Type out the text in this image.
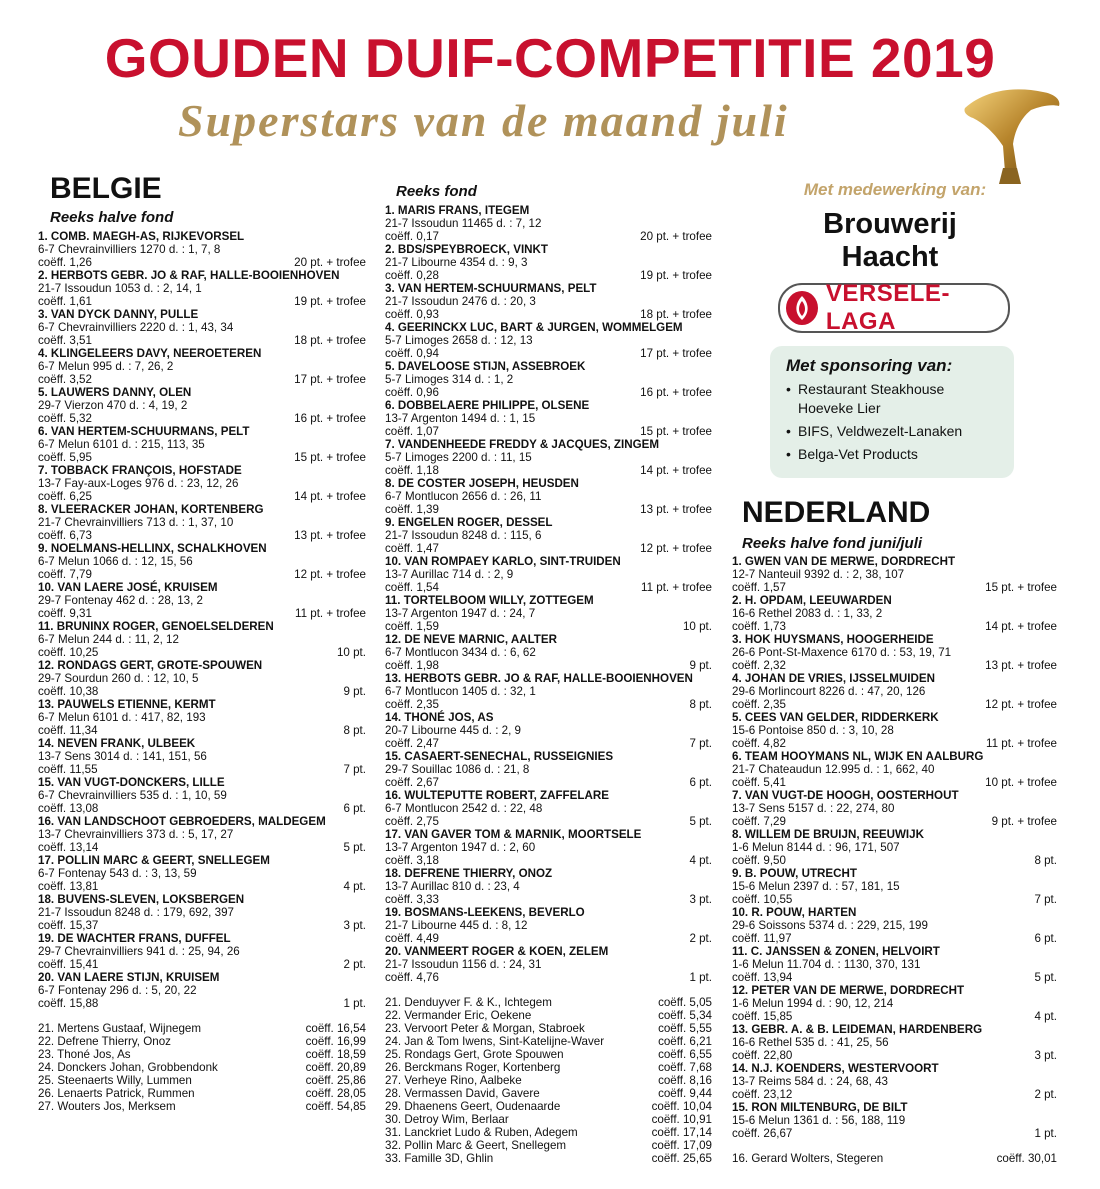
GOUDEN DUIF-COMPETITIE 2019
Superstars van de maand juli
BELGIE
Reeks halve fond
1. COMB. MAEGH-AS, RIJKEVORSEL
6-7 Chevrainvilliers 1270 d. : 1, 7, 8
coëff. 1,26	20 pt. + trofee
2. HERBOTS GEBR. JO & RAF, HALLE-BOOIENHOVEN
21-7 Issoudun 1053 d. : 2, 14, 1
coëff. 1,61	19 pt. + trofee
3. VAN DYCK DANNY, PULLE
6-7 Chevrainvilliers 2220 d. : 1, 43, 34
coëff. 3,51	18 pt. + trofee
4. KLINGELEERS DAVY, NEEROETEREN
6-7 Melun 995 d. : 7, 26, 2
coëff. 3,52	17 pt. + trofee
5. LAUWERS DANNY, OLEN
29-7 Vierzon 470 d. : 4, 19, 2
coëff. 5,32	16 pt. + trofee
6. VAN HERTEM-SCHUURMANS, PELT
6-7 Melun 6101 d. : 215, 113, 35
coëff. 5,95	15 pt. + trofee
7. TOBBACK FRANÇOIS, HOFSTADE
13-7 Fay-aux-Loges 976 d. : 23, 12, 26
coëff. 6,25	14 pt. + trofee
8. VLEERACKER JOHAN, KORTENBERG
21-7 Chevrainvilliers 713 d. : 1, 37, 10
coëff. 6,73	13 pt. + trofee
9. NOELMANS-HELLINX, SCHALKHOVEN
6-7 Melun 1066 d. : 12, 15, 56
coëff. 7,79	12 pt. + trofee
10. VAN LAERE JOSÉ, KRUISEM
29-7 Fontenay 462 d. : 28, 13, 2
coëff. 9,31	11 pt. + trofee
11. BRUNINX ROGER, GENOELSELDEREN
6-7 Melun 244 d. : 11, 2, 12
coëff. 10,25	10 pt.
12. RONDAGS GERT, GROTE-SPOUWEN
29-7 Sourdun 260 d. : 12, 10, 5
coëff. 10,38	9 pt.
13. PAUWELS ETIENNE, KERMT
6-7 Melun 6101 d. : 417, 82, 193
coëff. 11,34	8 pt.
14. NEVEN FRANK, ULBEEK
13-7 Sens 3014 d. : 141, 151, 56
coëff. 11,55	7 pt.
15. VAN VUGT-DONCKERS, LILLE
6-7 Chevrainvilliers 535 d. : 1, 10, 59
coëff. 13,08	6 pt.
16. VAN LANDSCHOOT GEBROEDERS, MALDEGEM
13-7 Chevrainvilliers 373 d. : 5, 17, 27
coëff. 13,14	5 pt.
17. POLLIN MARC & GEERT, SNELLEGEM
6-7 Fontenay 543 d. : 3, 13, 59
coëff. 13,81	4 pt.
18. BUVENS-SLEVEN, LOKSBERGEN
21-7 Issoudun 8248 d. : 179, 692, 397
coëff. 15,37	3 pt.
19. DE WACHTER FRANS, DUFFEL
29-7 Chevrainvilliers 941 d. : 25, 94, 26
coëff. 15,41	2 pt.
20. VAN LAERE STIJN, KRUISEM
6-7 Fontenay 296 d. : 5, 20, 22
coëff. 15,88	1 pt.
21. Mertens Gustaaf, Wijnegem	coëff. 16,54
22. Defrene Thierry, Onoz	coëff. 16,99
23. Thoné Jos, As	coëff. 18,59
24. Donckers Johan, Grobbendonk	coëff. 20,89
25. Steenaerts Willy, Lummen	coëff. 25,86
26. Lenaerts Patrick, Rummen	coëff. 28,05
27. Wouters Jos, Merksem	coëff. 54,85
Reeks fond
1. MARIS FRANS, ITEGEM
21-7 Issoudun 11465 d. : 7, 12
coëff. 0,17	20 pt. + trofee
2. BDS/SPEYBROECK, VINKT
21-7 Libourne 4354 d. : 9, 3
coëff. 0,28	19 pt. + trofee
3. VAN HERTEM-SCHUURMANS, PELT
21-7 Issoudun 2476 d. : 20, 3
coëff. 0,93	18 pt. + trofee
4. GEERINCKX LUC, BART & JURGEN, WOMMELGEM
5-7 Limoges 2658 d. : 12, 13
coëff. 0,94	17 pt. + trofee
5. DAVELOOSE STIJN, ASSEBROEK
5-7 Limoges 314 d. : 1, 2
coëff. 0,96	16 pt. + trofee
6. DOBBELAERE PHILIPPE, OLSENE
13-7 Argenton 1494 d. : 1, 15
coëff. 1,07	15 pt. + trofee
7. VANDENHEEDE FREDDY & JACQUES, ZINGEM
5-7 Limoges 2200 d. : 11, 15
coëff. 1,18	14 pt. + trofee
8. DE COSTER JOSEPH, HEUSDEN
6-7 Montlucon 2656 d. : 26, 11
coëff. 1,39	13 pt. + trofee
9. ENGELEN ROGER, DESSEL
21-7 Issoudun 8248 d. : 115, 6
coëff. 1,47	12 pt. + trofee
10. VAN ROMPAEY KARLO, SINT-TRUIDEN
13-7 Aurillac 714 d. : 2, 9
coëff. 1,54	11 pt. + trofee
11. TORTELBOOM WILLY, ZOTTEGEM
13-7 Argenton 1947 d. : 24, 7
coëff. 1,59	10 pt.
12. DE NEVE MARNIC, AALTER
6-7 Montlucon 3434 d. : 6, 62
coëff. 1,98	9 pt.
13. HERBOTS GEBR. JO & RAF, HALLE-BOOIENHOVEN
6-7 Montlucon 1405 d. : 32, 1
coëff. 2,35	8 pt.
14. THONÉ JOS, AS
20-7 Libourne 445 d. : 2, 9
coëff. 2,47	7 pt.
15. CASAERT-SENECHAL, RUSSEIGNIES
29-7 Souillac 1086 d. : 21, 8
coëff. 2,67	6 pt.
16. WULTEPUTTE ROBERT, ZAFFELARE
6-7 Montlucon 2542 d. : 22, 48
coëff. 2,75	5 pt.
17. VAN GAVER TOM & MARNIK, MOORTSELE
13-7 Argenton 1947 d. : 2, 60
coëff. 3,18	4 pt.
18. DEFRENE THIERRY, ONOZ
13-7 Aurillac 810 d. : 23, 4
coëff. 3,33	3 pt.
19. BOSMANS-LEEKENS, BEVERLO
21-7 Libourne 445 d. : 8, 12
coëff. 4,49	2 pt.
20. VANMEERT ROGER & KOEN, ZELEM
21-7 Issoudun 1156 d. : 24, 31
coëff. 4,76	1 pt.
21. Denduyver F. & K., Ichtegem	coëff. 5,05
22. Vermander Eric, Oekene	coëff. 5,34
23. Vervoort Peter & Morgan, Stabroek	coëff. 5,55
24. Jan & Tom Iwens, Sint-Katelijne-Waver	coëff. 6,21
25. Rondags Gert, Grote Spouwen	coëff. 6,55
26. Berckmans Roger, Kortenberg	coëff. 7,68
27. Verheye Rino, Aalbeke	coëff. 8,16
28. Vermassen David, Gavere	coëff. 9,44
29. Dhaenens Geert, Oudenaarde	coëff. 10,04
30. Detroy Wim, Berlaar	coëff. 10,91
31. Lanckriet Ludo & Ruben, Adegem	coëff. 17,14
32. Pollin Marc & Geert, Snellegem	coëff. 17,09
33. Famille 3D, Ghlin	coëff. 25,65
Met medewerking van:
Brouwerij
Haacht
VERSELE-LAGA
Met sponsoring van:
• Restaurant Steakhouse
Hoeveke Lier
• BIFS, Veldwezelt-Lanaken
• Belga-Vet Products
NEDERLAND
Reeks halve fond juni/juli
1. GWEN VAN DE MERWE, DORDRECHT
12-7 Nanteuil 9392 d. : 2, 38, 107
coëff. 1,57	15 pt. + trofee
2. H. OPDAM, LEEUWARDEN
16-6 Rethel 2083 d. : 1, 33, 2
coëff. 1,73	14 pt. + trofee
3. HOK HUYSMANS, HOOGERHEIDE
26-6 Pont-St-Maxence 6170 d. : 53, 19, 71
coëff. 2,32	13 pt. + trofee
4. JOHAN DE VRIES, IJSSELMUIDEN
29-6 Morlincourt 8226 d. : 47, 20, 126
coëff. 2,35	12 pt. + trofee
5. CEES VAN GELDER, RIDDERKERK
15-6 Pontoise 850 d. : 3, 10, 28
coëff. 4,82	11 pt. + trofee
6. TEAM HOOYMANS NL, WIJK EN AALBURG
21-7 Chateaudun 12.995 d. : 1, 662, 40
coëff. 5,41	10 pt. + trofee
7. VAN VUGT-DE HOOGH, OOSTERHOUT
13-7 Sens 5157 d. : 22, 274, 80
coëff. 7,29	9 pt. + trofee
8. WILLEM DE BRUIJN, REEUWIJK
1-6 Melun 8144 d. : 96, 171, 507
coëff. 9,50	8 pt.
9. B. POUW, UTRECHT
15-6 Melun 2397 d. : 57, 181, 15
coëff. 10,55	7 pt.
10. R. POUW, HARTEN
29-6 Soissons 5374 d. : 229, 215, 199
coëff. 11,97	6 pt.
11. C. JANSSEN & ZONEN, HELVOIRT
1-6 Melun 11.704 d. : 1130, 370, 131
coëff. 13,94	5 pt.
12. PETER VAN DE MERWE, DORDRECHT
1-6 Melun 1994 d. : 90, 12, 214
coëff. 15,85	4 pt.
13. GEBR. A. & B. LEIDEMAN, HARDENBERG
16-6 Rethel 535 d. : 41, 25, 56
coëff. 22,80	3 pt.
14. N.J. KOENDERS, WESTERVOORT
13-7 Reims 584 d. : 24, 68, 43
coëff. 23,12	2 pt.
15. RON MILTENBURG, DE BILT
15-6 Melun 1361 d. : 56, 188, 119
coëff. 26,67	1 pt.
16. Gerard Wolters, Stegeren	coëff. 30,01
